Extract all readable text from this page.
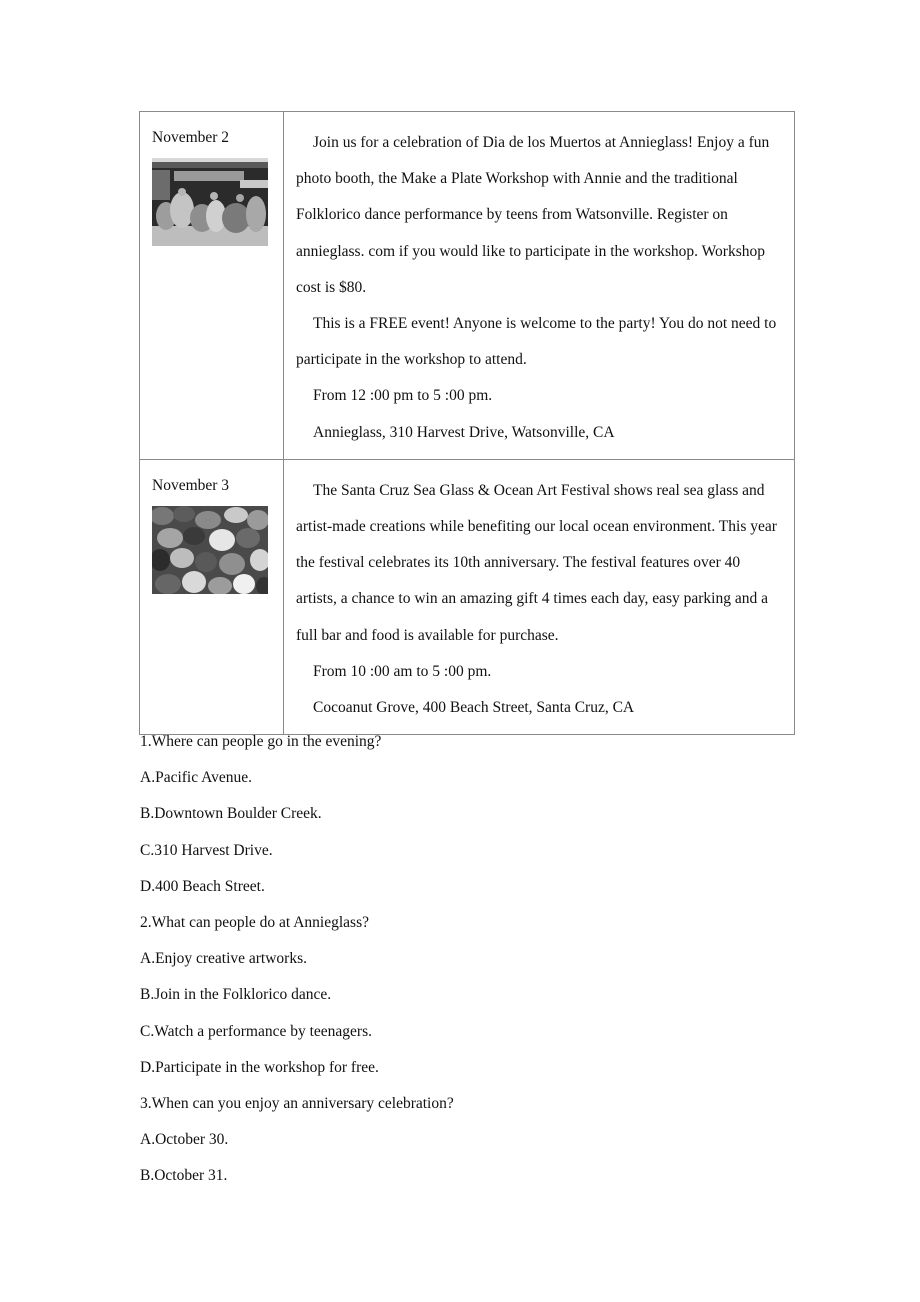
November 2	Join us for a celebration of Dia de los Muertos at Annieglass! Enjoy a fun photo booth, the Make a Plate Workshop with Annie and the traditional Folklorico dance performance by teens from Watsonville. Register on annieglass. com if you would like to participate in the workshop. Workshop cost is $80.

This is a FREE event! Anyone is welcome to the party! You do not need to participate in the workshop to attend.

From 12 :00 pm to 5 :00 pm.

Annieglass, 310 Harvest Drive, Watsonville, CA

November 3	The Santa Cruz Sea Glass & Ocean Art Festival shows real sea glass and artist-made creations while benefiting our local ocean environment. This year the festival celebrates its 10th anniversary. The festival features over 40 artists, a chance to win an amazing gift 4 times each day, easy parking and a full bar and food is available for purchase.

From 10 :00 am to 5 :00 pm.

Cocoanut Grove, 400 Beach Street, Santa Cruz, CA

1.Where can people go in the evening?
A.Pacific Avenue.
B.Downtown Boulder Creek.
C.310 Harvest Drive.
D.400 Beach Street.
2.What can people do at Annieglass?
A.Enjoy creative artworks.
B.Join in the Folklorico dance.
C.Watch a performance by teenagers.
D.Participate in the workshop for free.
3.When can you enjoy an anniversary celebration?
A.October 30.
B.October 31.
